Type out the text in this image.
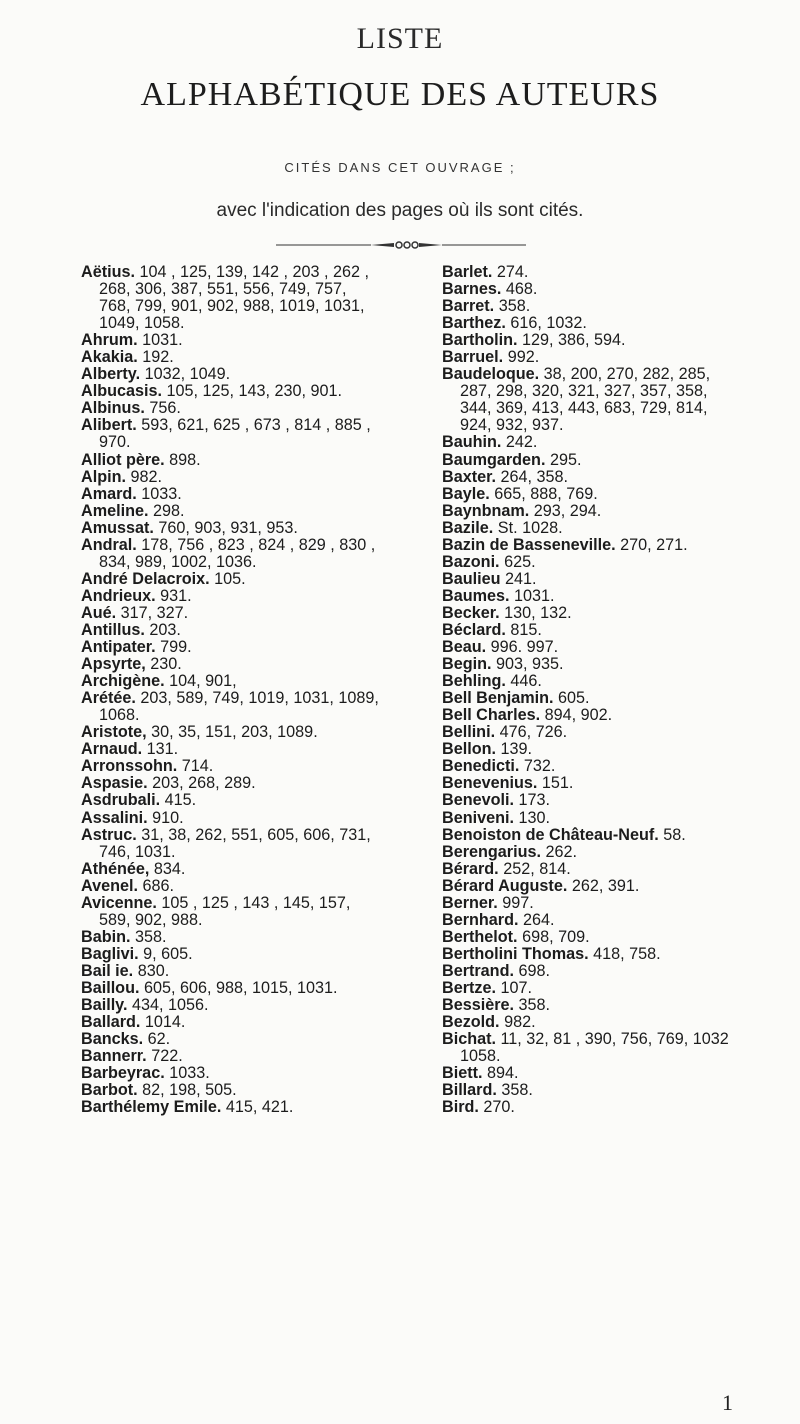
LISTE
ALPHABÉTIQUE DES AUTEURS
CITÉS DANS CET OUVRAGE ;
avec l'indication des pages où ils sont cités.
Aëtius. 104 , 125, 139, 142 , 203 , 262 ,
268, 306, 387, 551, 556, 749, 757,
768, 799, 901, 902, 988, 1019, 1031,
1049, 1058.
Ahrum. 1031.
Akakia. 192.
Alberty. 1032, 1049.
Albucasis. 105, 125, 143, 230, 901.
Albinus. 756.
Alibert. 593, 621, 625 , 673 , 814 , 885 ,
970.
Alliot père. 898.
Alpin. 982.
Amard. 1033.
Ameline. 298.
Amussat. 760, 903, 931, 953.
Andral. 178, 756 , 823 , 824 , 829 , 830 ,
834, 989, 1002, 1036.
André Delacroix. 105.
Andrieux. 931.
Aué. 317, 327.
Antillus. 203.
Antipater. 799.
Apsyrte, 230.
Archigène. 104, 901,
Arétée. 203, 589, 749, 1019, 1031, 1089,
1068.
Aristote, 30, 35, 151, 203, 1089.
Arnaud. 131.
Arronssohn. 714.
Aspasie. 203, 268, 289.
Asdrubali. 415.
Assalini. 910.
Astruc. 31, 38, 262, 551, 605, 606, 731,
746, 1031.
Athénée, 834.
Avenel. 686.
Avicenne. 105 , 125 , 143 , 145, 157,
589, 902, 988.
Babin. 358.
Baglivi. 9, 605.
Bail ie. 830.
Baillou. 605, 606, 988, 1015, 1031.
Bailly. 434, 1056.
Ballard. 1014.
Bancks. 62.
Bannerr. 722.
Barbeyrac. 1033.
Barbot. 82, 198, 505.
Barthélemy Emile. 415, 421.
Barlet. 274.
Barnes. 468.
Barret. 358.
Barthez. 616, 1032.
Bartholin. 129, 386, 594.
Barruel. 992.
Baudeloque. 38, 200, 270, 282, 285,
287, 298, 320, 321, 327, 357, 358,
344, 369, 413, 443, 683, 729, 814,
924, 932, 937.
Bauhin. 242.
Baumgarden. 295.
Baxter. 264, 358.
Bayle. 665, 888, 769.
Baynbnam. 293, 294.
Bazile. St. 1028.
Bazin de Basseneville. 270, 271.
Bazoni. 625.
Baulieu 241.
Baumes. 1031.
Becker. 130, 132.
Béclard. 815.
Beau. 996. 997.
Begin. 903, 935.
Behling. 446.
Bell Benjamin. 605.
Bell Charles. 894, 902.
Bellini. 476, 726.
Bellon. 139.
Benedicti. 732.
Benevenius. 151.
Benevoli. 173.
Beniveni. 130.
Benoiston de Château-Neuf. 58.
Berengarius. 262.
Bérard. 252, 814.
Bérard Auguste. 262, 391.
Berner. 997.
Bernhard. 264.
Berthelot. 698, 709.
Bertholini Thomas. 418, 758.
Bertrand. 698.
Bertze. 107.
Bessière. 358.
Bezold. 982.
Bichat. 11, 32, 81 , 390, 756, 769, 1032
1058.
Biett. 894.
Billard. 358.
Bird. 270.
1
